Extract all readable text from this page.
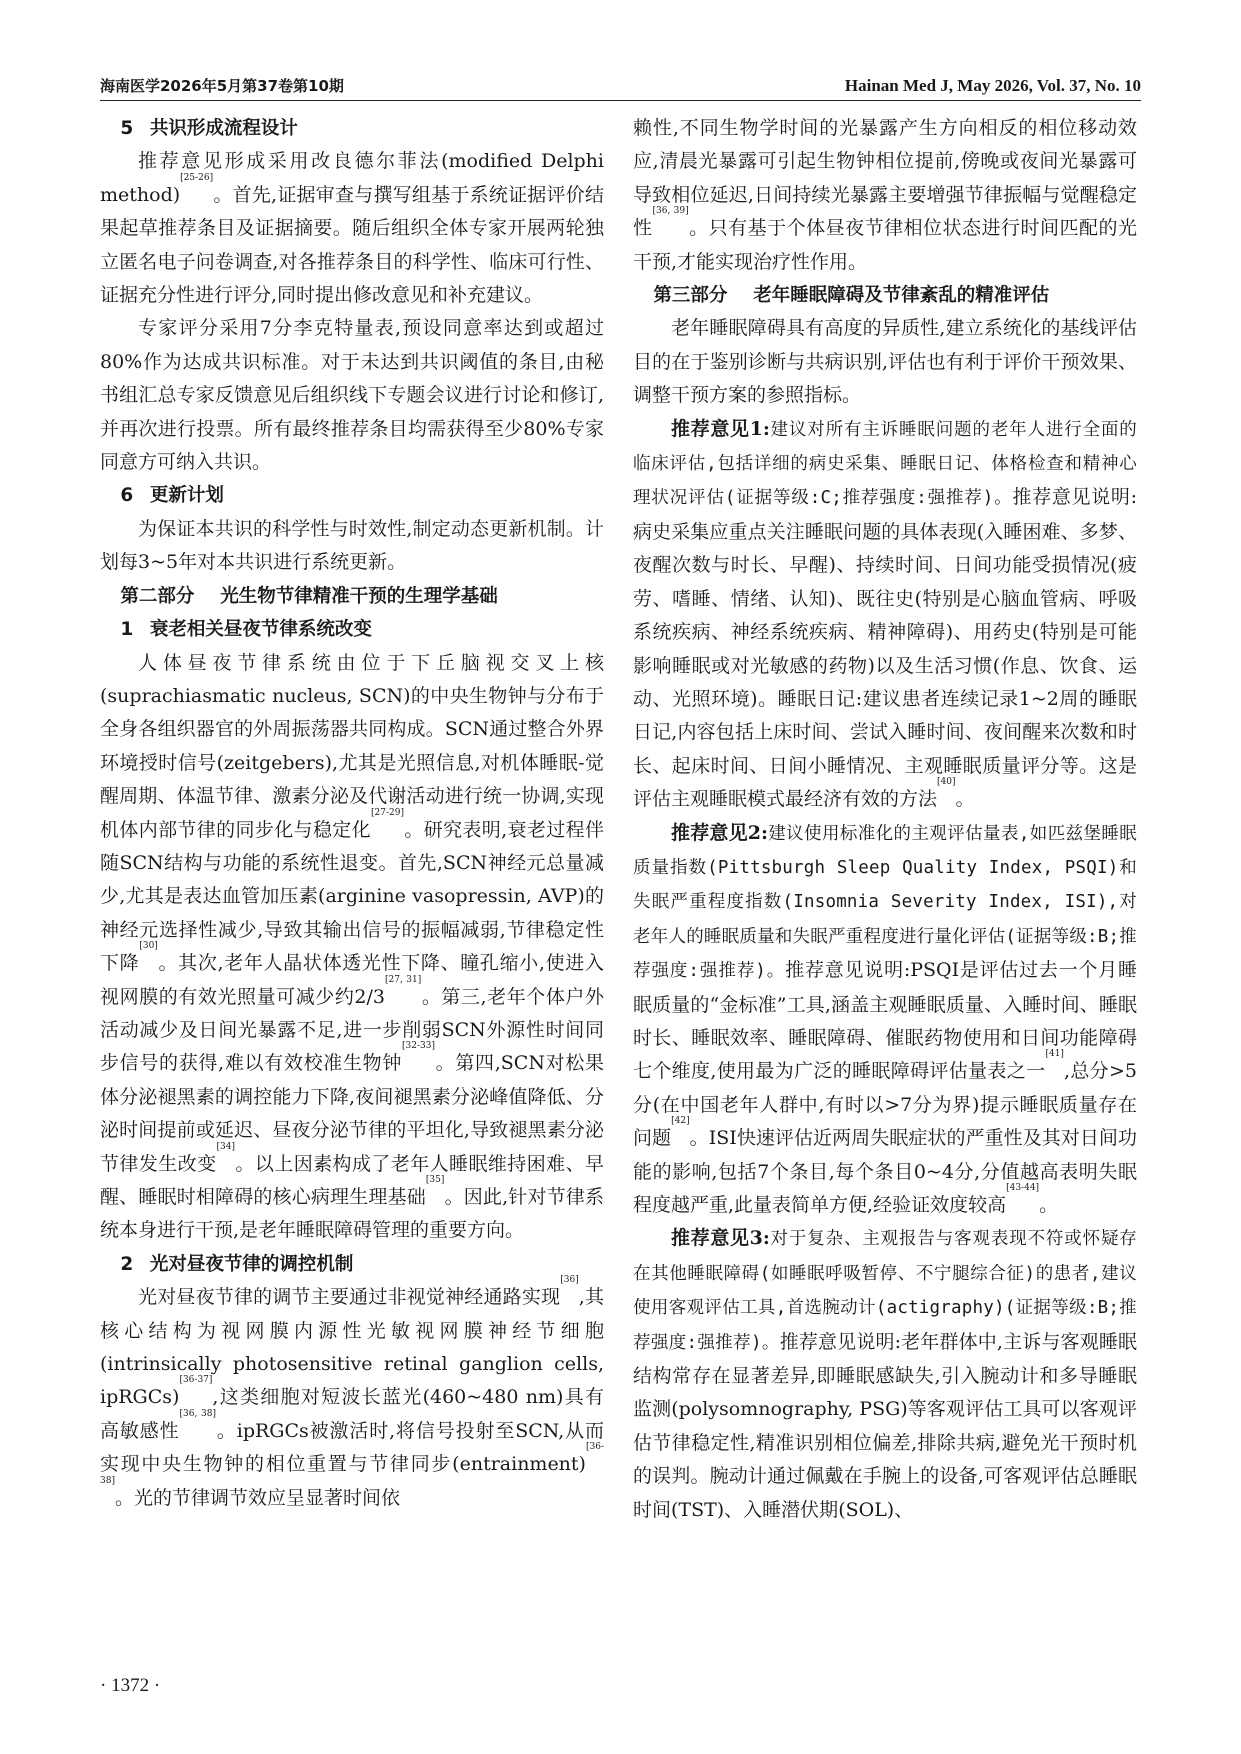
海南医学2026年5月第37卷第10期	Hainan Med J, May 2026, Vol. 37, No. 10
5 共识形成流程设计

推荐意见形成采用改良德尔菲法(modified Delphi method)[25-26]。首先,证据审查与撰写组基于系统证据评价结果起草推荐条目及证据摘要。随后组织全体专家开展两轮独立匿名电子问卷调查,对各推荐条目的科学性、临床可行性、证据充分性进行评分,同时提出修改意见和补充建议。

专家评分采用7分李克特量表,预设同意率达到或超过80%作为达成共识标准。对于未达到共识阈值的条目,由秘书组汇总专家反馈意见后组织线下专题会议进行讨论和修订,并再次进行投票。所有最终推荐条目均需获得至少80%专家同意方可纳入共识。

6 更新计划

为保证本共识的科学性与时效性,制定动态更新机制。计划每3~5年对本共识进行系统更新。

第二部分 光生物节律精准干预的生理学基础
1 衰老相关昼夜节律系统改变

人体昼夜节律系统由位于下丘脑视交叉上核(suprachiasmatic nucleus, SCN)的中央生物钟与分布于全身各组织器官的外周振荡器共同构成。SCN通过整合外界环境授时信号(zeitgebers),尤其是光照信息,对机体睡眠-觉醒周期、体温节律、激素分泌及代谢活动进行统一协调,实现机体内部节律的同步化与稳定化[27-29]。研究表明,衰老过程伴随SCN结构与功能的系统性退变。首先,SCN神经元总量减少,尤其是表达血管加压素(arginine vasopressin, AVP)的神经元选择性减少,导致其输出信号的振幅减弱,节律稳定性下降[30]。其次,老年人晶状体透光性下降、瞳孔缩小,使进入视网膜的有效光照量可减少约2/3[27, 31]。第三,老年个体户外活动减少及日间光暴露不足,进一步削弱SCN外源性时间同步信号的获得,难以有效校准生物钟[32-33]。第四,SCN对松果体分泌褪黑素的调控能力下降,夜间褪黑素分泌峰值降低、分泌时间提前或延迟、昼夜分泌节律的平坦化,导致褪黑素分泌节律发生改变[34]。以上因素构成了老年人睡眠维持困难、早醒、睡眠时相障碍的核心病理生理基础[35]。因此,针对节律系统本身进行干预,是老年睡眠障碍管理的重要方向。

2 光对昼夜节律的调控机制

光对昼夜节律的调节主要通过非视觉神经通路实现[36],其核心结构为视网膜内源性光敏视网膜神经节细胞(intrinsically photosensitive retinal ganglion cells, ipRGCs)[36-37],这类细胞对短波长蓝光(460~480 nm)具有高敏感性[36, 38]。ipRGCs被激活时,将信号投射至SCN,从而实现中央生物钟的相位重置与节律同步(entrainment)[36-38]。光的节律调节效应呈显著时间依

赖性,不同生物学时间的光暴露产生方向相反的相位移动效应,清晨光暴露可引起生物钟相位提前,傍晚或夜间光暴露可导致相位延迟,日间持续光暴露主要增强节律振幅与觉醒稳定性[36, 39]。只有基于个体昼夜节律相位状态进行时间匹配的光干预,才能实现治疗性作用。

第三部分 老年睡眠障碍及节律紊乱的精准评估

老年睡眠障碍具有高度的异质性,建立系统化的基线评估目的在于鉴别诊断与共病识别,评估也有利于评价干预效果、调整干预方案的参照指标。

推荐意见1:建议对所有主诉睡眠问题的老年人进行全面的临床评估,包括详细的病史采集、睡眠日记、体格检查和精神心理状况评估(证据等级:C;推荐强度:强推荐)。推荐意见说明:病史采集应重点关注睡眠问题的具体表现(入睡困难、多梦、夜醒次数与时长、早醒)、持续时间、日间功能受损情况(疲劳、嗜睡、情绪、认知)、既往史(特别是心脑血管病、呼吸系统疾病、神经系统疾病、精神障碍)、用药史(特别是可能影响睡眠或对光敏感的药物)以及生活习惯(作息、饮食、运动、光照环境)。睡眠日记:建议患者连续记录1~2周的睡眠日记,内容包括上床时间、尝试入睡时间、夜间醒来次数和时长、起床时间、日间小睡情况、主观睡眠质量评分等。这是评估主观睡眠模式最经济有效的方法[40]。

推荐意见2:建议使用标准化的主观评估量表,如匹兹堡睡眠质量指数(Pittsburgh Sleep Quality Index, PSQI)和失眠严重程度指数(Insomnia Severity Index, ISI),对老年人的睡眠质量和失眠严重程度进行量化评估(证据等级:B;推荐强度:强推荐)。推荐意见说明:PSQI是评估过去一个月睡眠质量的“金标准”工具,涵盖主观睡眠质量、入睡时间、睡眠时长、睡眠效率、睡眠障碍、催眠药物使用和日间功能障碍七个维度,使用最为广泛的睡眠障碍评估量表之一[41],总分>5分(在中国老年人群中,有时以>7分为界)提示睡眠质量存在问题[42]。ISI快速评估近两周失眠症状的严重性及其对日间功能的影响,包括7个条目,每个条目0~4分,分值越高表明失眠程度越严重,此量表简单方便,经验证效度较高[43-44]。

推荐意见3:对于复杂、主观报告与客观表现不符或怀疑存在其他睡眠障碍(如睡眠呼吸暂停、不宁腿综合征)的患者,建议使用客观评估工具,首选腕动计(actigraphy)(证据等级:B;推荐强度:强推荐)。推荐意见说明:老年群体中,主诉与客观睡眠结构常存在显著差异,即睡眠感缺失,引入腕动计和多导睡眠监测(polysomnography, PSG)等客观评估工具可以客观评估节律稳定性,精准识别相位偏差,排除共病,避免光干预时机的误判。腕动计通过佩戴在手腕上的设备,可客观评估总睡眠时间(TST)、入睡潜伏期(SOL)、

· 1372 ·
